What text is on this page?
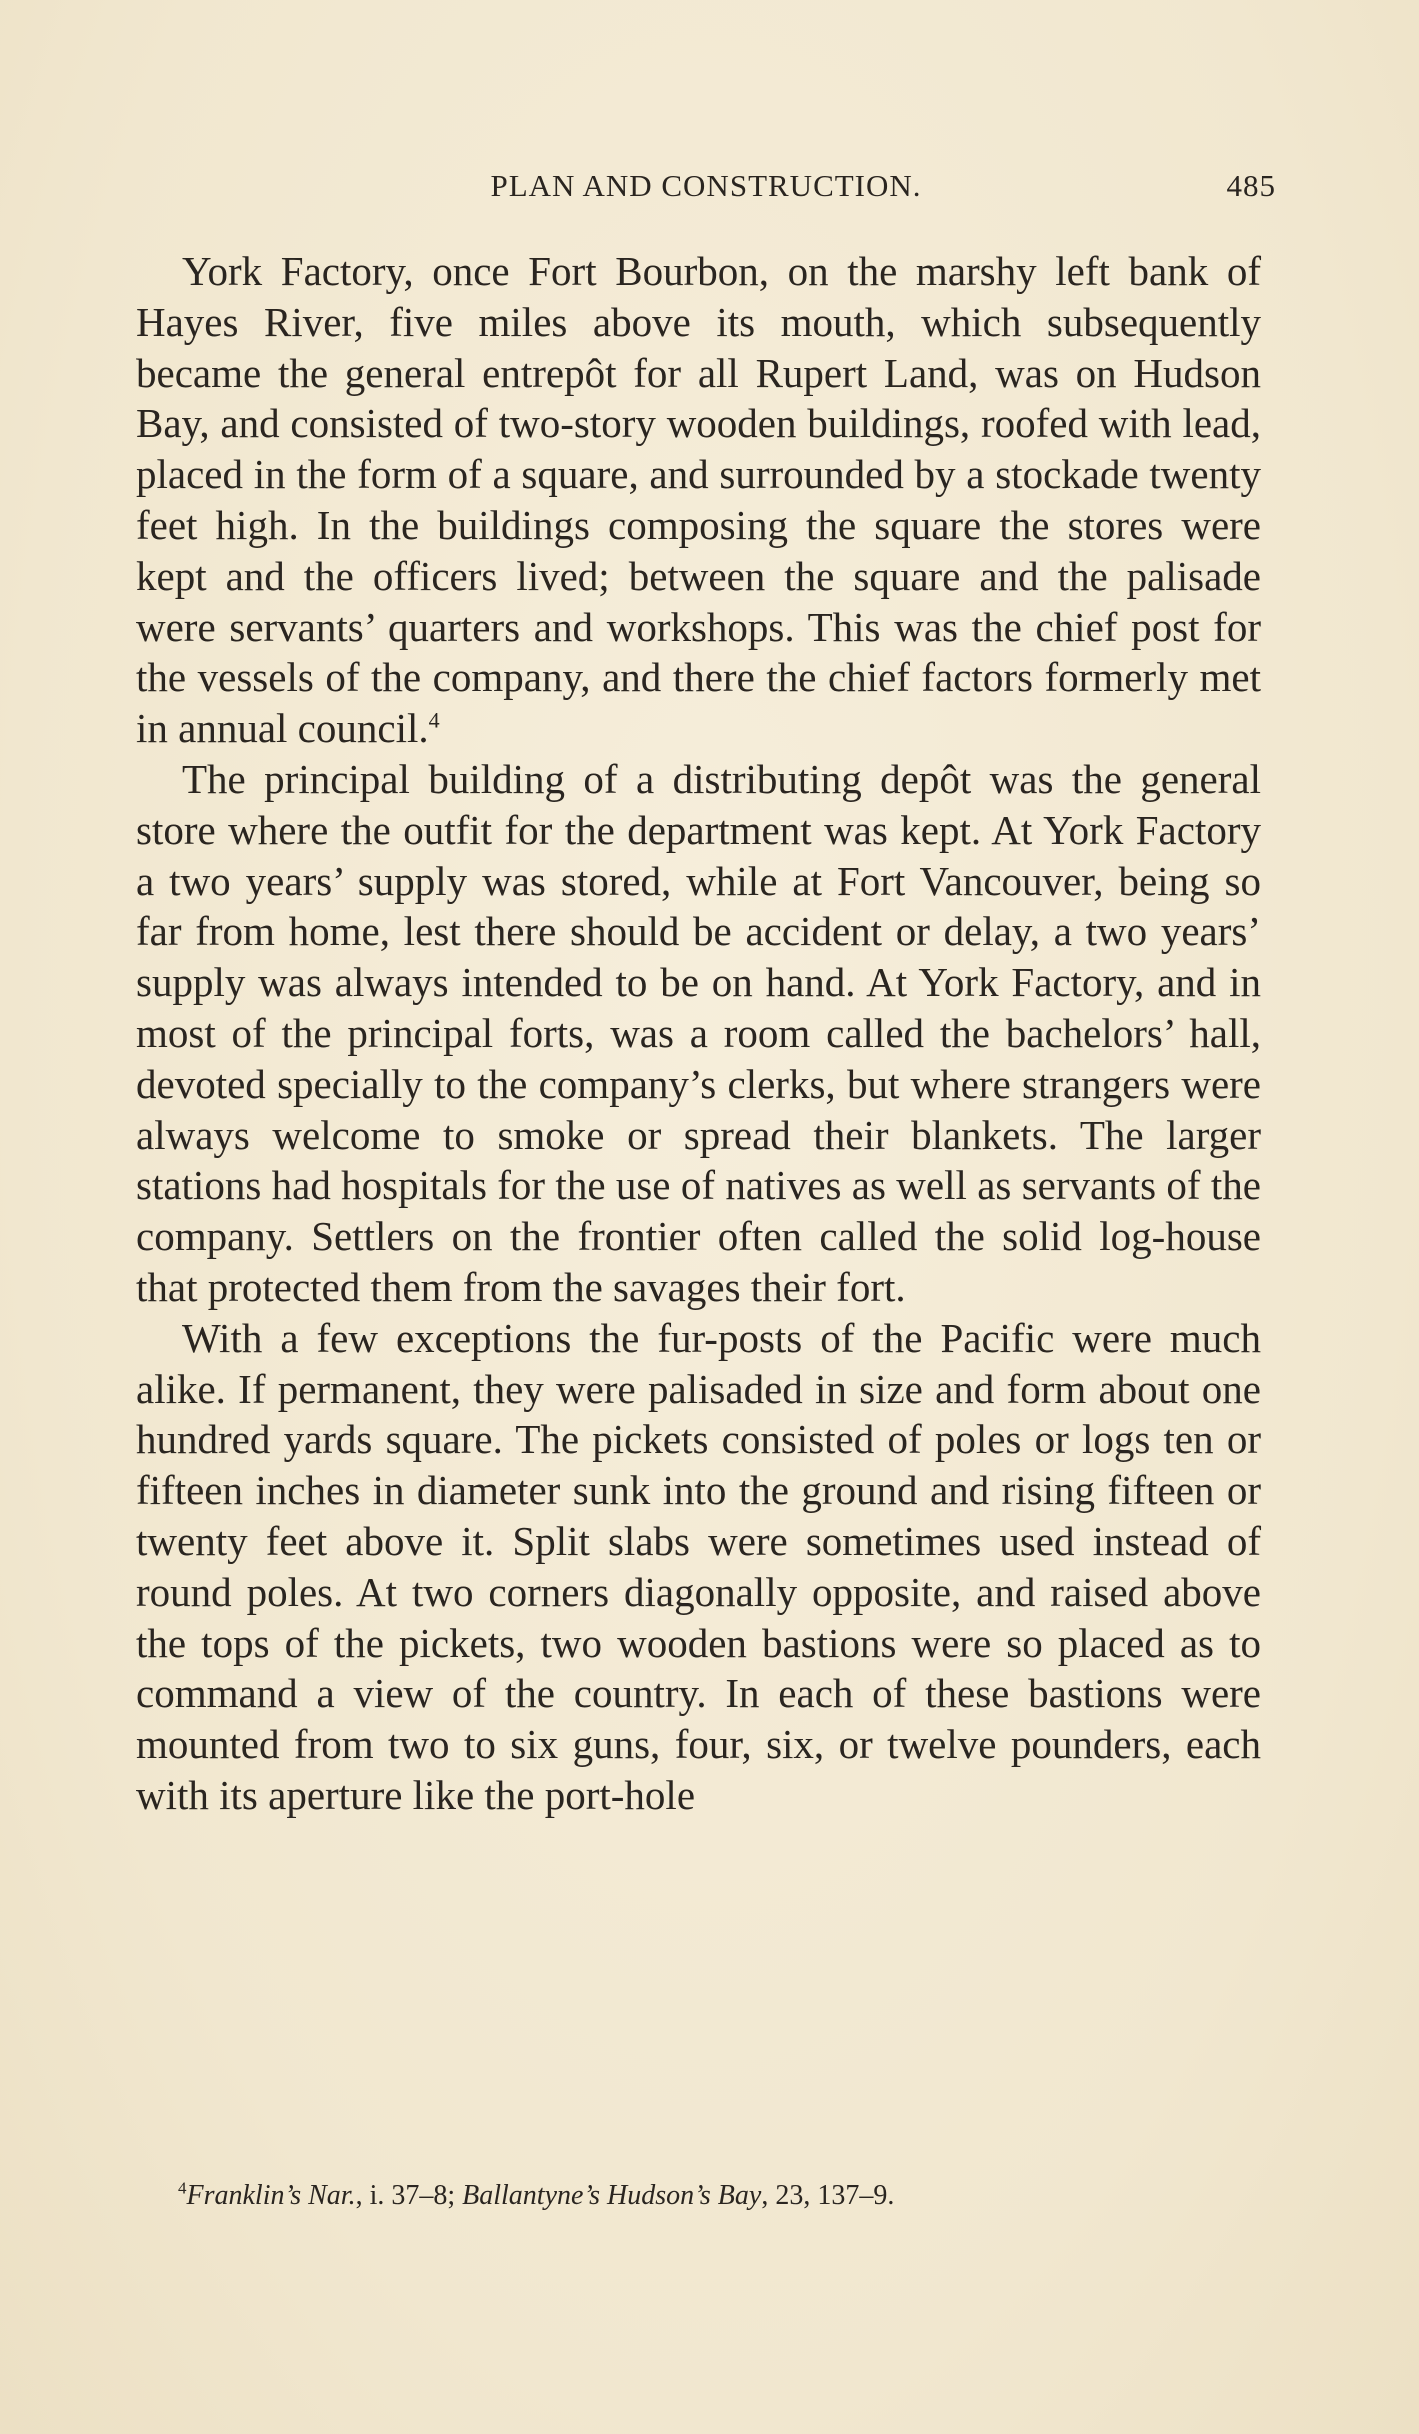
PLAN AND CONSTRUCTION.	485

York Factory, once Fort Bourbon, on the marshy left bank of Hayes River, five miles above its mouth, which subsequently became the general entrepôt for all Rupert Land, was on Hudson Bay, and consisted of two-story wooden buildings, roofed with lead, placed in the form of a square, and surrounded by a stockade twenty feet high. In the buildings composing the square the stores were kept and the officers lived; between the square and the palisade were servants’ quarters and workshops. This was the chief post for the vessels of the company, and there the chief factors formerly met in annual council.$^4$

The principal building of a distributing depôt was the general store where the outfit for the department was kept. At York Factory a two years’ supply was stored, while at Fort Vancouver, being so far from home, lest there should be accident or delay, a two years’ supply was always intended to be on hand. At York Factory, and in most of the principal forts, was a room called the bachelors’ hall, devoted specially to the company’s clerks, but where strangers were always welcome to smoke or spread their blankets. The larger stations had hospitals for the use of natives as well as servants of the company. Settlers on the frontier often called the solid log-house that protected them from the savages their fort.

With a few exceptions the fur-posts of the Pacific were much alike. If permanent, they were palisaded in size and form about one hundred yards square. The pickets consisted of poles or logs ten or fifteen inches in diameter sunk into the ground and rising fifteen or twenty feet above it. Split slabs were sometimes used instead of round poles. At two corners diagonally opposite, and raised above the tops of the pickets, two wooden bastions were so placed as to command a view of the country. In each of these bastions were mounted from two to six guns, four, six, or twelve pounders, each with its aperture like the port-hole

$^4$Franklin’s Nar., i. 37–8; Ballantyne’s Hudson’s Bay, 23, 137–9.
